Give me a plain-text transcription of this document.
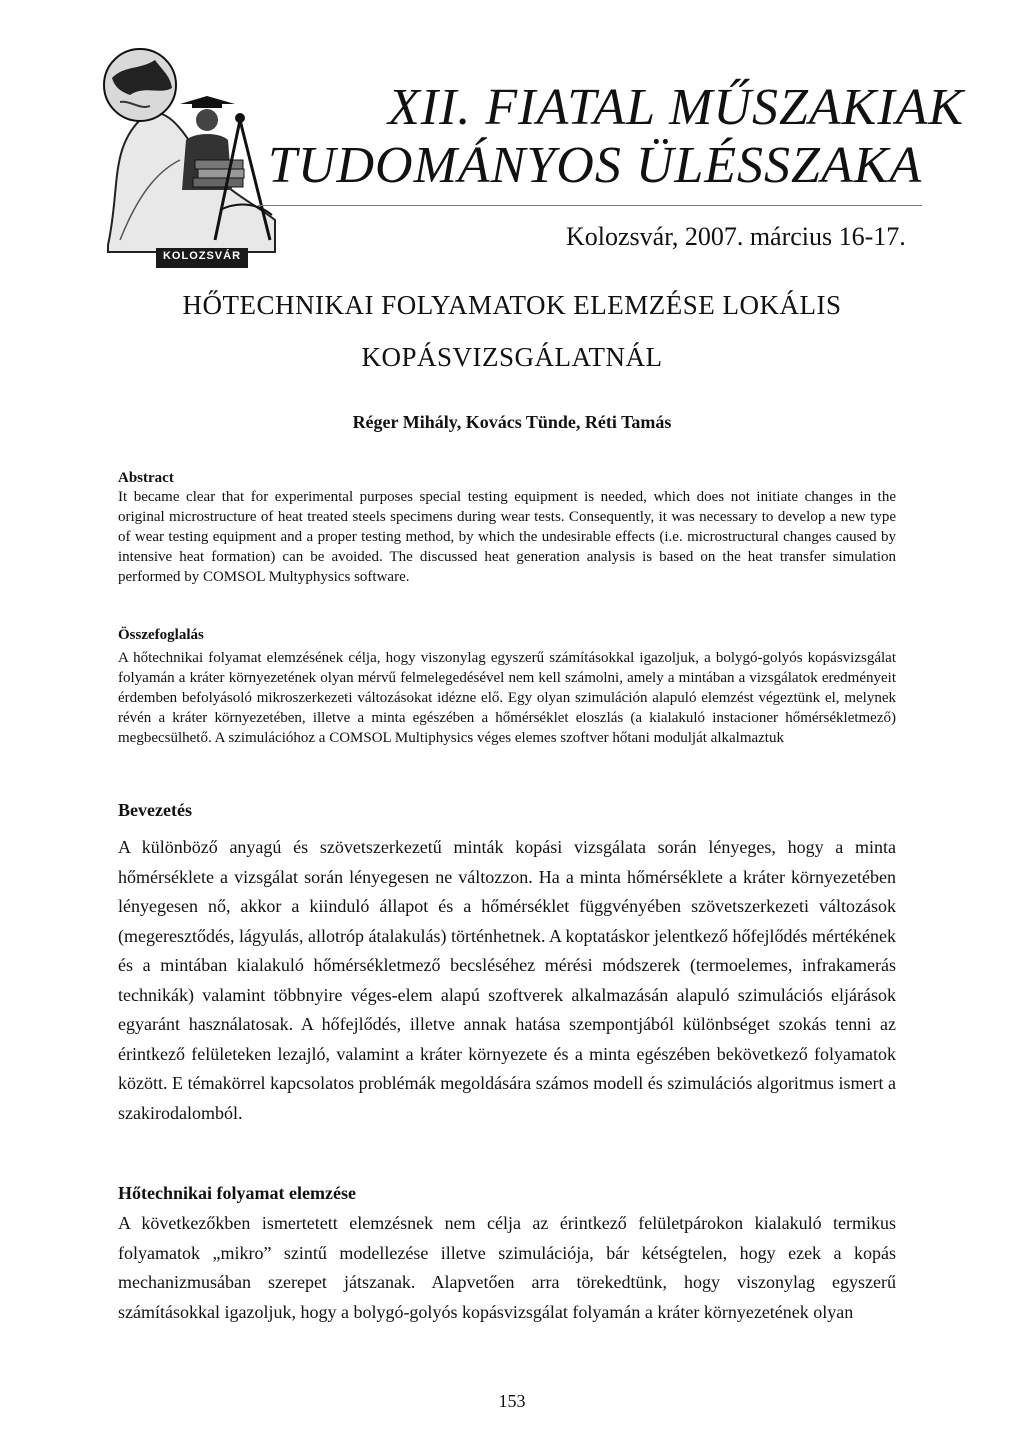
KOLOZSVÁR
XII. FIATAL MŰSZAKIAK
TUDOMÁNYOS ÜLÉSSZAKA
Kolozsvár, 2007. március 16-17.
HŐTECHNIKAI FOLYAMATOK ELEMZÉSE LOKÁLIS
KOPÁSVIZSGÁLATNÁL
Réger Mihály, Kovács Tünde, Réti Tamás
Abstract
It became clear that for experimental purposes special testing equipment is needed, which does not initiate changes in the original microstructure of heat treated steels specimens during wear tests. Consequently, it was necessary to develop a new type of wear testing equipment and a proper testing method, by which the undesirable effects (i.e. microstructural changes caused by intensive heat formation) can be avoided. The discussed heat generation analysis is based on the heat transfer simulation performed by COMSOL Multyphysics software.
Összefoglalás
A hőtechnikai folyamat elemzésének célja, hogy viszonylag egyszerű számításokkal igazoljuk, a bolygó-golyós kopásvizsgálat folyamán a kráter környezetének olyan mérvű felmelegedésével nem kell számolni, amely a mintában a vizsgálatok eredményeit érdemben befolyásoló mikroszerkezeti változásokat idézne elő. Egy olyan szimuláción alapuló elemzést végeztünk el, melynek révén a kráter környezetében, illetve a minta egészében a hőmérséklet eloszlás (a kialakuló instacioner hőmérsékletmező) megbecsülhető. A szimulációhoz a COMSOL Multiphysics véges elemes szoftver hőtani modulját alkalmaztuk
Bevezetés
A különböző anyagú és szövetszerkezetű minták kopási vizsgálata során lényeges, hogy a minta hőmérséklete a vizsgálat során lényegesen ne változzon. Ha a minta hőmérséklete a kráter környezetében lényegesen nő, akkor a kiinduló állapot és a hőmérséklet függvényében szövetszerkezeti változások (megeresztődés, lágyulás, allotróp átalakulás) történhetnek. A koptatáskor jelentkező hőfejlődés mértékének és a mintában kialakuló hőmérsékletmező becsléséhez mérési módszerek (termoelemes, infrakamerás technikák) valamint többnyire véges-elem alapú szoftverek alkalmazásán alapuló szimulációs eljárások egyaránt használatosak. A hőfejlődés, illetve annak hatása szempontjából különbséget szokás tenni az érintkező felületeken lezajló, valamint a kráter környezete és a minta egészében bekövetkező folyamatok között. E témakörrel kapcsolatos problémák megoldására számos modell és szimulációs algoritmus ismert a szakirodalomból.
Hőtechnikai folyamat elemzése
A következőkben ismertetett elemzésnek nem célja az érintkező felületpárokon kialakuló termikus folyamatok „mikro” szintű modellezése illetve szimulációja, bár kétségtelen, hogy ezek a kopás mechanizmusában szerepet játszanak. Alapvetően arra törekedtünk, hogy viszonylag egyszerű számításokkal igazoljuk, hogy a bolygó-golyós kopásvizsgálat folyamán a kráter környezetének olyan
153
